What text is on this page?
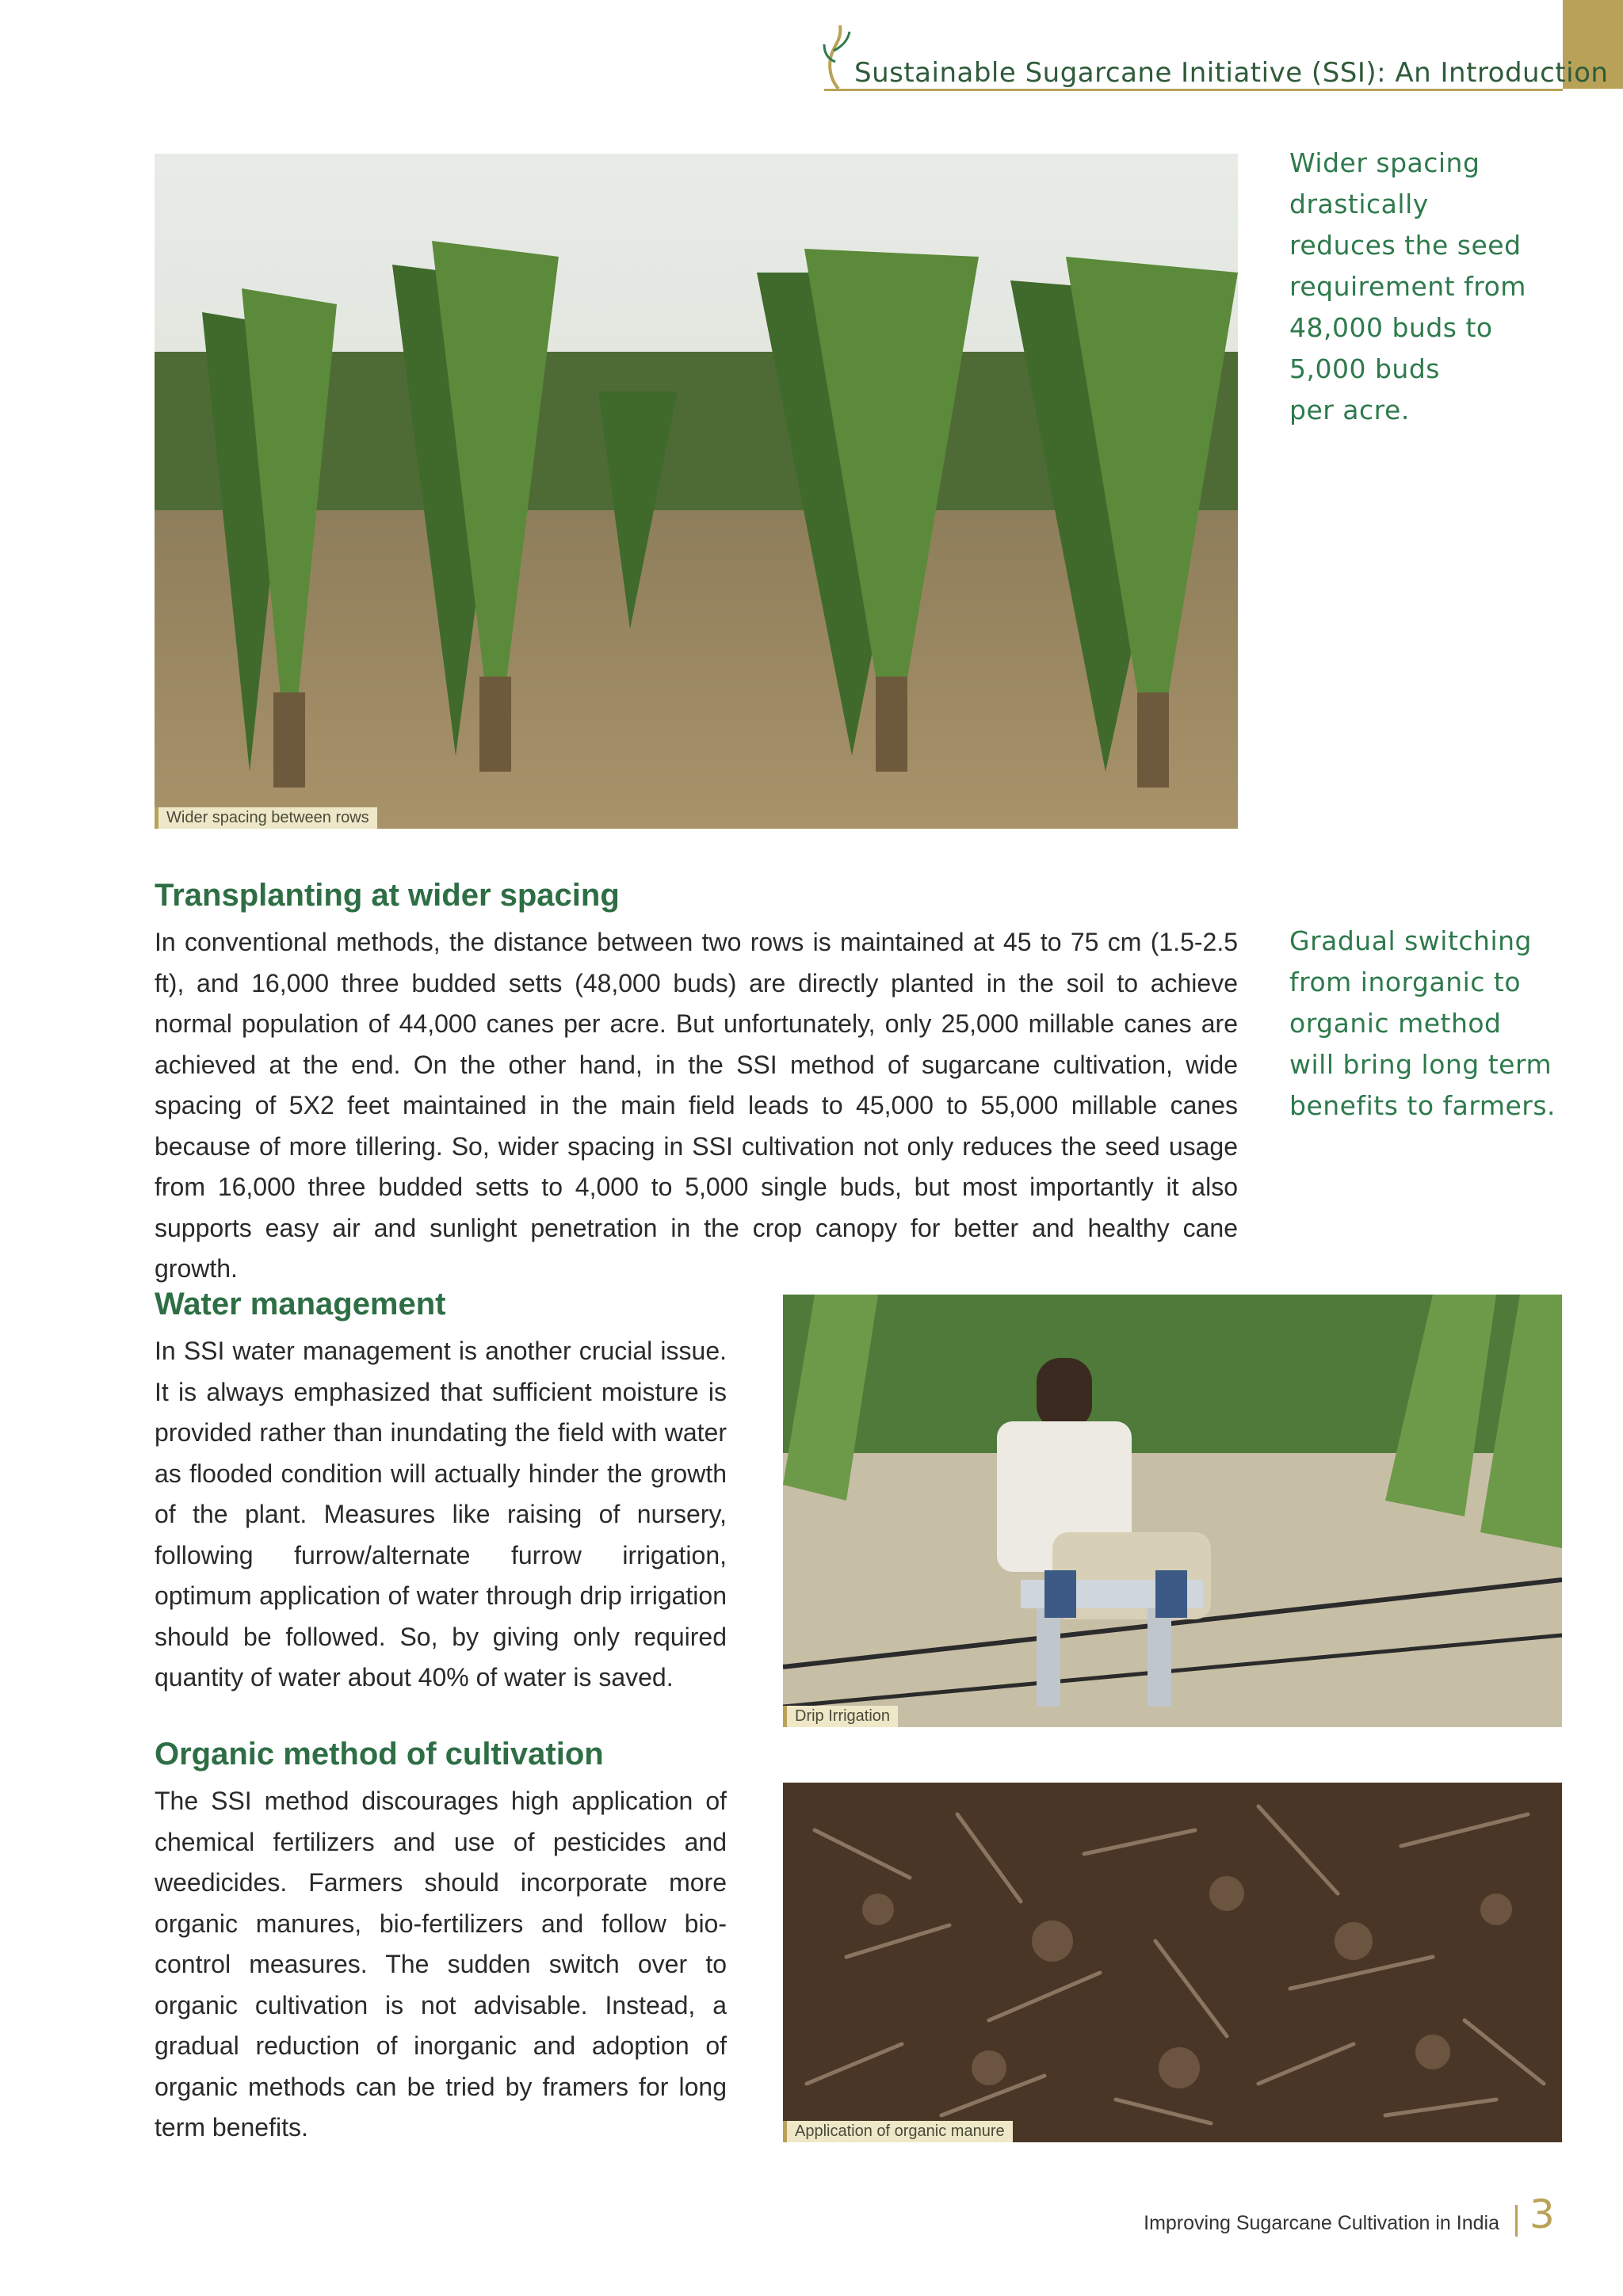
Sustainable Sugarcane Initiative (SSI): An Introduction
Wider spacing between rows
Wider spacing
drastically
reduces the seed
requirement from
48,000 buds to
5,000 buds
per acre.
Transplanting at wider spacing

In conventional methods, the distance between two rows is maintained at 45 to 75 cm (1.5-2.5 ft), and 16,000 three budded setts (48,000 buds) are directly planted in the soil to achieve normal population of 44,000 canes per acre. But unfortunately, only 25,000 millable canes are achieved at the end. On the other hand, in the SSI method of sugarcane cultivation, wide spacing of 5X2 feet maintained in the main field leads to 45,000 to 55,000 millable canes because of more tillering. So, wider spacing in SSI cultivation not only reduces the seed usage from 16,000 three budded setts to 4,000 to 5,000 single buds, but most importantly it also supports easy air and sunlight penetration in the crop canopy for better and healthy cane growth.

Gradual switching
from inorganic to
organic method
will bring long term
benefits to farmers.
Water management

In SSI water management is another crucial issue. It is always emphasized that sufficient moisture is provided rather than inundating the field with water as flooded condition will actually hinder the growth of the plant. Measures like raising of nursery, following furrow/alternate furrow irrigation, optimum application of water through drip irrigation should be followed. So, by giving only required quantity of water about 40% of water is saved.

Drip Irrigation
Organic method of cultivation

The SSI method discourages high application of chemical fertilizers and use of pesticides and weedicides. Farmers should incorporate more organic manures, bio-fertilizers and follow bio-control measures. The sudden switch over to organic cultivation is not advisable. Instead, a gradual reduction of inorganic and adoption of organic methods can be tried by framers for long term benefits.	Application of organic manure
Improving Sugarcane Cultivation in India 3
